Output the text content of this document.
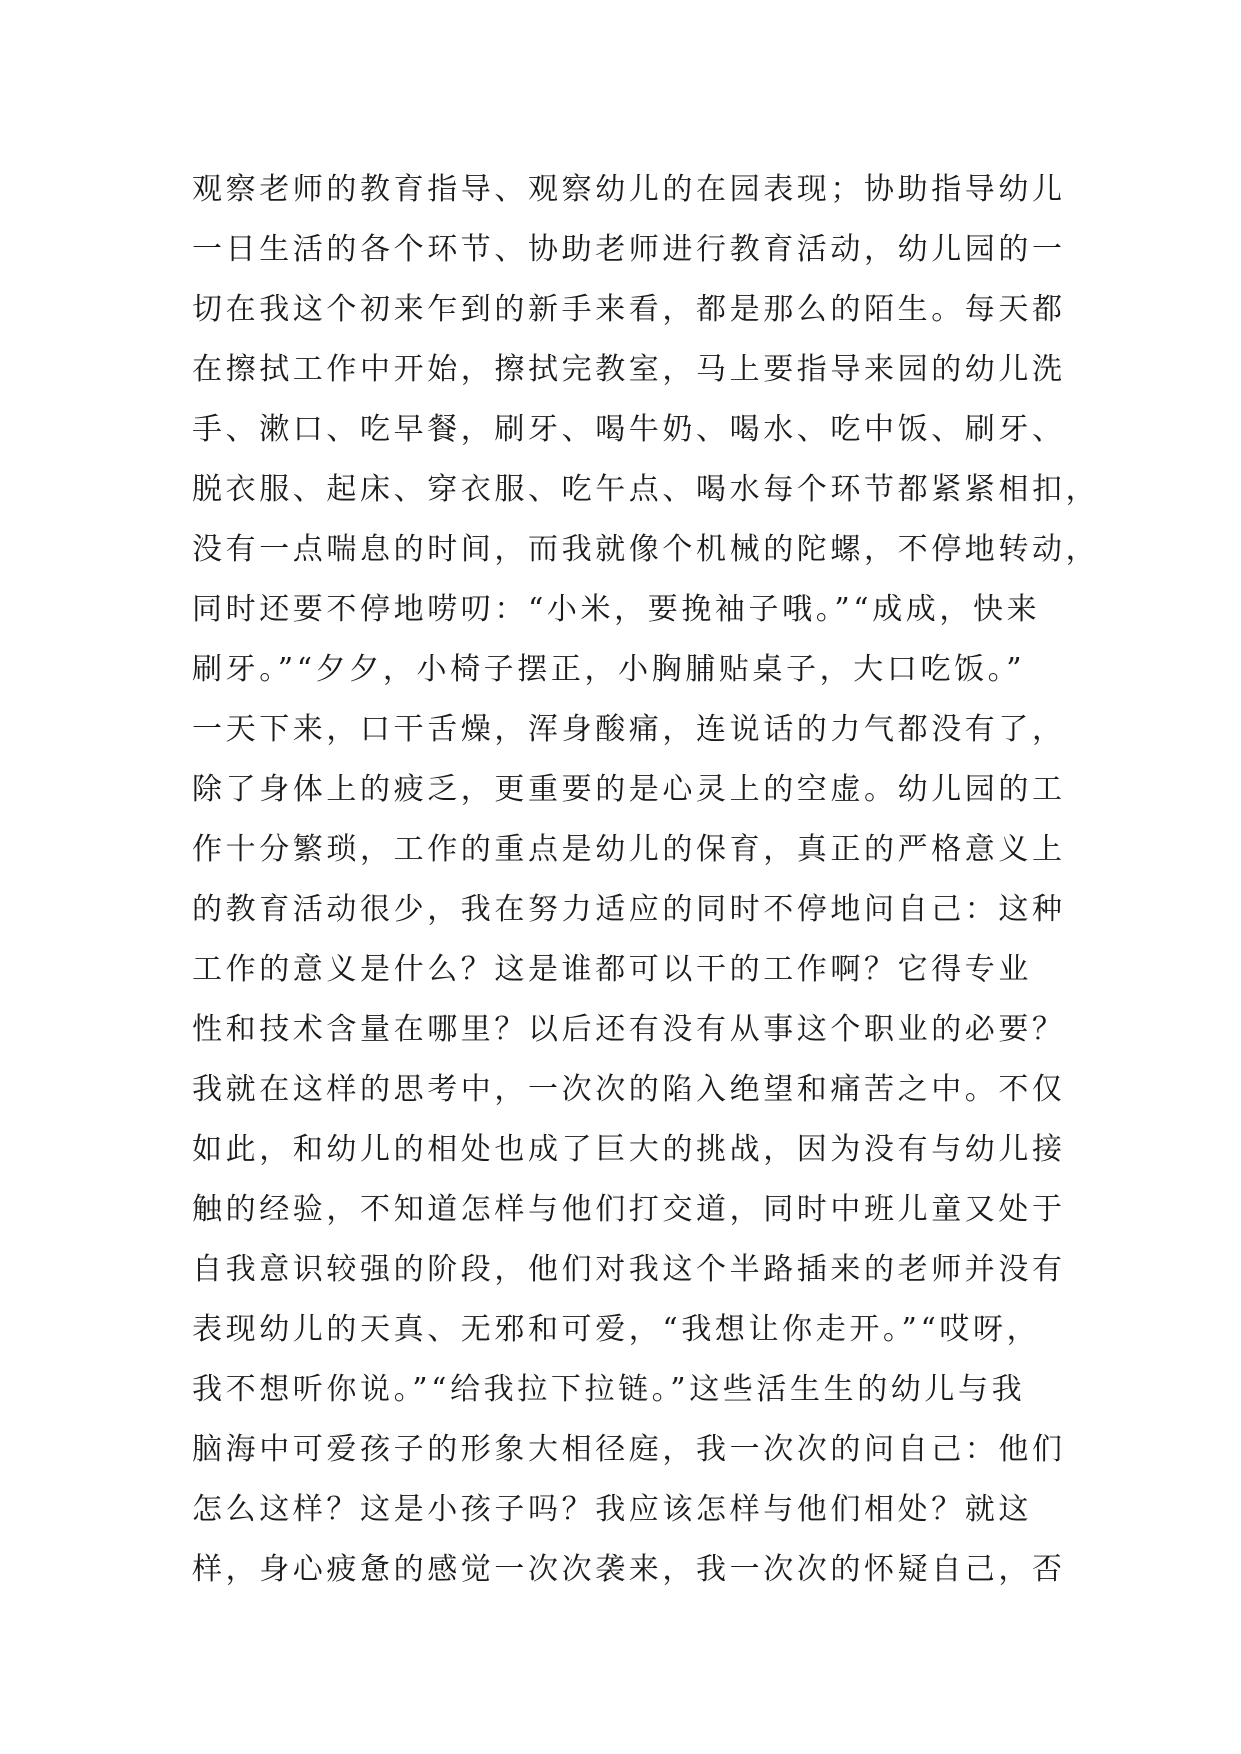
观察老师的教育指导、观察幼儿的在园表现；协助指导幼儿
一日生活的各个环节、协助老师进行教育活动，幼儿园的一
切在我这个初来乍到的新手来看，都是那么的陌生。每天都
在擦拭工作中开始，擦拭完教室，马上要指导来园的幼儿洗
手、漱口、吃早餐，刷牙、喝牛奶、喝水、吃中饭、刷牙、
脱衣服、起床、穿衣服、吃午点、喝水每个环节都紧紧相扣，
没有一点喘息的时间，而我就像个机械的陀螺，不停地转动，
同时还要不停地唠叨：“小米，要挽袖子哦。”“成成，快来
刷牙。”“夕夕，小椅子摆正，小胸脯贴桌子，大口吃饭。”
一天下来，口干舌燥，浑身酸痛，连说话的力气都没有了，
除了身体上的疲乏，更重要的是心灵上的空虚。幼儿园的工
作十分繁琐，工作的重点是幼儿的保育，真正的严格意义上
的教育活动很少，我在努力适应的同时不停地问自己：这种
工作的意义是什么？这是谁都可以干的工作啊？它得专业
性和技术含量在哪里？以后还有没有从事这个职业的必要？
我就在这样的思考中，一次次的陷入绝望和痛苦之中。不仅
如此，和幼儿的相处也成了巨大的挑战，因为没有与幼儿接
触的经验，不知道怎样与他们打交道，同时中班儿童又处于
自我意识较强的阶段，他们对我这个半路插来的老师并没有
表现幼儿的天真、无邪和可爱，“我想让你走开。”“哎呀，
我不想听你说。”“给我拉下拉链。”这些活生生的幼儿与我
脑海中可爱孩子的形象大相径庭，我一次次的问自己：他们
怎么这样？这是小孩子吗？我应该怎样与他们相处？就这
样，身心疲惫的感觉一次次袭来，我一次次的怀疑自己，否
